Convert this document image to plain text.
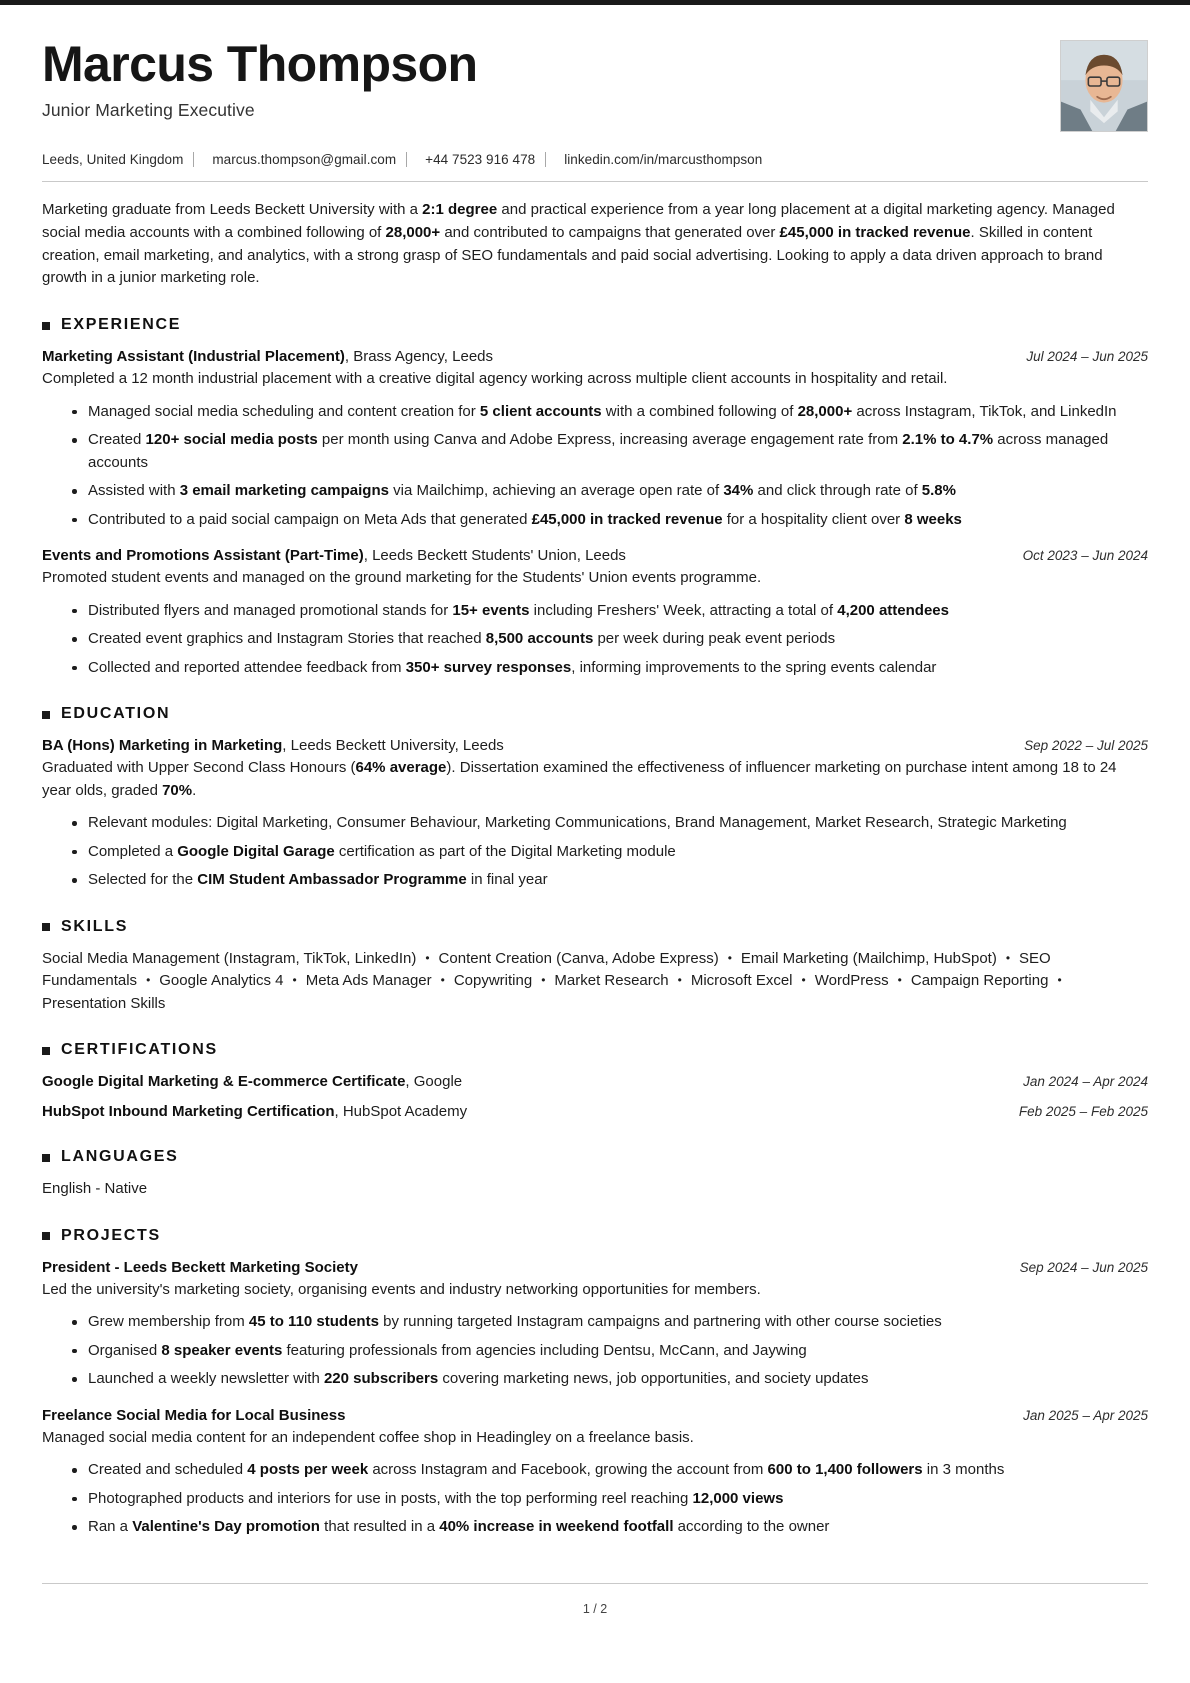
Marcus Thompson
Junior Marketing Executive
Leeds, United Kingdom marcus.thompson@gmail.com +44 7523 916 478 linkedin.com/in/marcusthompson
Marketing graduate from Leeds Beckett University with a 2:1 degree and practical experience from a year long placement at a digital marketing agency. Managed social media accounts with a combined following of 28,000+ and contributed to campaigns that generated over £45,000 in tracked revenue. Skilled in content creation, email marketing, and analytics, with a strong grasp of SEO fundamentals and paid social advertising. Looking to apply a data driven approach to brand growth in a junior marketing role.
EXPERIENCE
Marketing Assistant (Industrial Placement), Brass Agency, Leeds	Jul 2024 – Jun 2025
Completed a 12 month industrial placement with a creative digital agency working across multiple client accounts in hospitality and retail.
Managed social media scheduling and content creation for 5 client accounts with a combined following of 28,000+ across Instagram, TikTok, and LinkedIn
Created 120+ social media posts per month using Canva and Adobe Express, increasing average engagement rate from 2.1% to 4.7% across managed accounts
Assisted with 3 email marketing campaigns via Mailchimp, achieving an average open rate of 34% and click through rate of 5.8%
Contributed to a paid social campaign on Meta Ads that generated £45,000 in tracked revenue for a hospitality client over 8 weeks
Events and Promotions Assistant (Part-Time), Leeds Beckett Students' Union, Leeds	Oct 2023 – Jun 2024
Promoted student events and managed on the ground marketing for the Students' Union events programme.
Distributed flyers and managed promotional stands for 15+ events including Freshers' Week, attracting a total of 4,200 attendees
Created event graphics and Instagram Stories that reached 8,500 accounts per week during peak event periods
Collected and reported attendee feedback from 350+ survey responses, informing improvements to the spring events calendar
EDUCATION
BA (Hons) Marketing in Marketing, Leeds Beckett University, Leeds	Sep 2022 – Jul 2025
Graduated with Upper Second Class Honours (64% average). Dissertation examined the effectiveness of influencer marketing on purchase intent among 18 to 24 year olds, graded 70%.
Relevant modules: Digital Marketing, Consumer Behaviour, Marketing Communications, Brand Management, Market Research, Strategic Marketing
Completed a Google Digital Garage certification as part of the Digital Marketing module
Selected for the CIM Student Ambassador Programme in final year
SKILLS
Social Media Management (Instagram, TikTok, LinkedIn) • Content Creation (Canva, Adobe Express) • Email Marketing (Mailchimp, HubSpot) • SEO Fundamentals • Google Analytics 4 • Meta Ads Manager • Copywriting • Market Research • Microsoft Excel • WordPress • Campaign Reporting •Presentation Skills
CERTIFICATIONS
Google Digital Marketing & E-commerce Certificate, Google	Jan 2024 – Apr 2024
HubSpot Inbound Marketing Certification, HubSpot Academy	Feb 2025 – Feb 2025
LANGUAGES
English - Native
PROJECTS
President - Leeds Beckett Marketing Society	Sep 2024 – Jun 2025
Led the university's marketing society, organising events and industry networking opportunities for members.
Grew membership from 45 to 110 students by running targeted Instagram campaigns and partnering with other course societies
Organised 8 speaker events featuring professionals from agencies including Dentsu, McCann, and Jaywing
Launched a weekly newsletter with 220 subscribers covering marketing news, job opportunities, and society updates
Freelance Social Media for Local Business	Jan 2025 – Apr 2025
Managed social media content for an independent coffee shop in Headingley on a freelance basis.
Created and scheduled 4 posts per week across Instagram and Facebook, growing the account from 600 to 1,400 followers in 3 months
Photographed products and interiors for use in posts, with the top performing reel reaching 12,000 views
Ran a Valentine's Day promotion that resulted in a 40% increase in weekend footfall according to the owner
1 / 2
